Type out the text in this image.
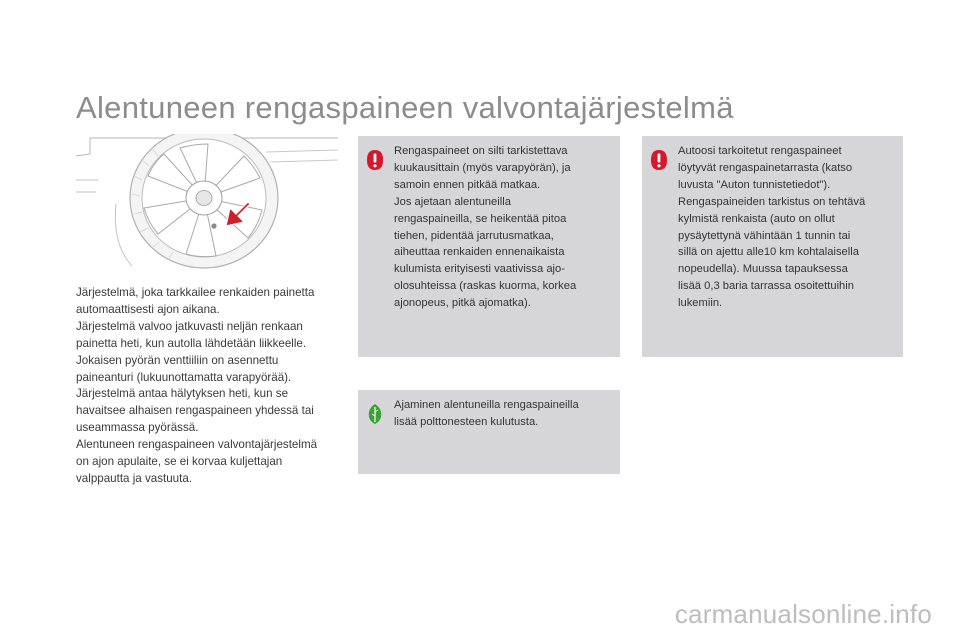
Alentuneen rengaspaineen valvontajärjestelmä

Järjestelmä, joka tarkkailee renkaiden painetta
automaattisesti ajon aikana.
Järjestelmä valvoo jatkuvasti neljän renkaan
painetta heti, kun autolla lähdetään liikkeelle.
Jokaisen pyörän venttiiliin on asennettu
paineanturi (lukuunottamatta varapyörää).
Järjestelmä antaa hälytyksen heti, kun se
havaitsee alhaisen rengaspaineen yhdessä tai
useammassa pyörässä.
Alentuneen rengaspaineen valvontajärjestelmä
on ajon apulaite, se ei korvaa kuljettajan
valppautta ja vastuuta.

Rengaspaineet on silti tarkistettava
kuukausittain (myös varapyörän), ja
samoin ennen pitkää matkaa.
Jos ajetaan alentuneilla
rengaspaineilla, se heikentää pitoa
tiehen, pidentää jarrutusmatkaa,
aiheuttaa renkaiden ennenaikaista
kulumista erityisesti vaativissa ajo-
olosuhteissa (raskas kuorma, korkea
ajonopeus, pitkä ajomatka).

Autoosi tarkoitetut rengaspaineet
löytyvät rengaspainetarrasta (katso
luvusta "Auton tunnistetiedot").
Rengaspaineiden tarkistus on tehtävä
kylmistä renkaista (auto on ollut
pysäytettynä vähintään 1 tunnin tai
sillä on ajettu alle10 km kohtalaisella
nopeudella). Muussa tapauksessa
lisää 0,3 baria tarrassa osoitettuihin
lukemiin.

Ajaminen alentuneilla rengaspaineilla
lisää polttonesteen kulutusta.

carmanualsonline.info
